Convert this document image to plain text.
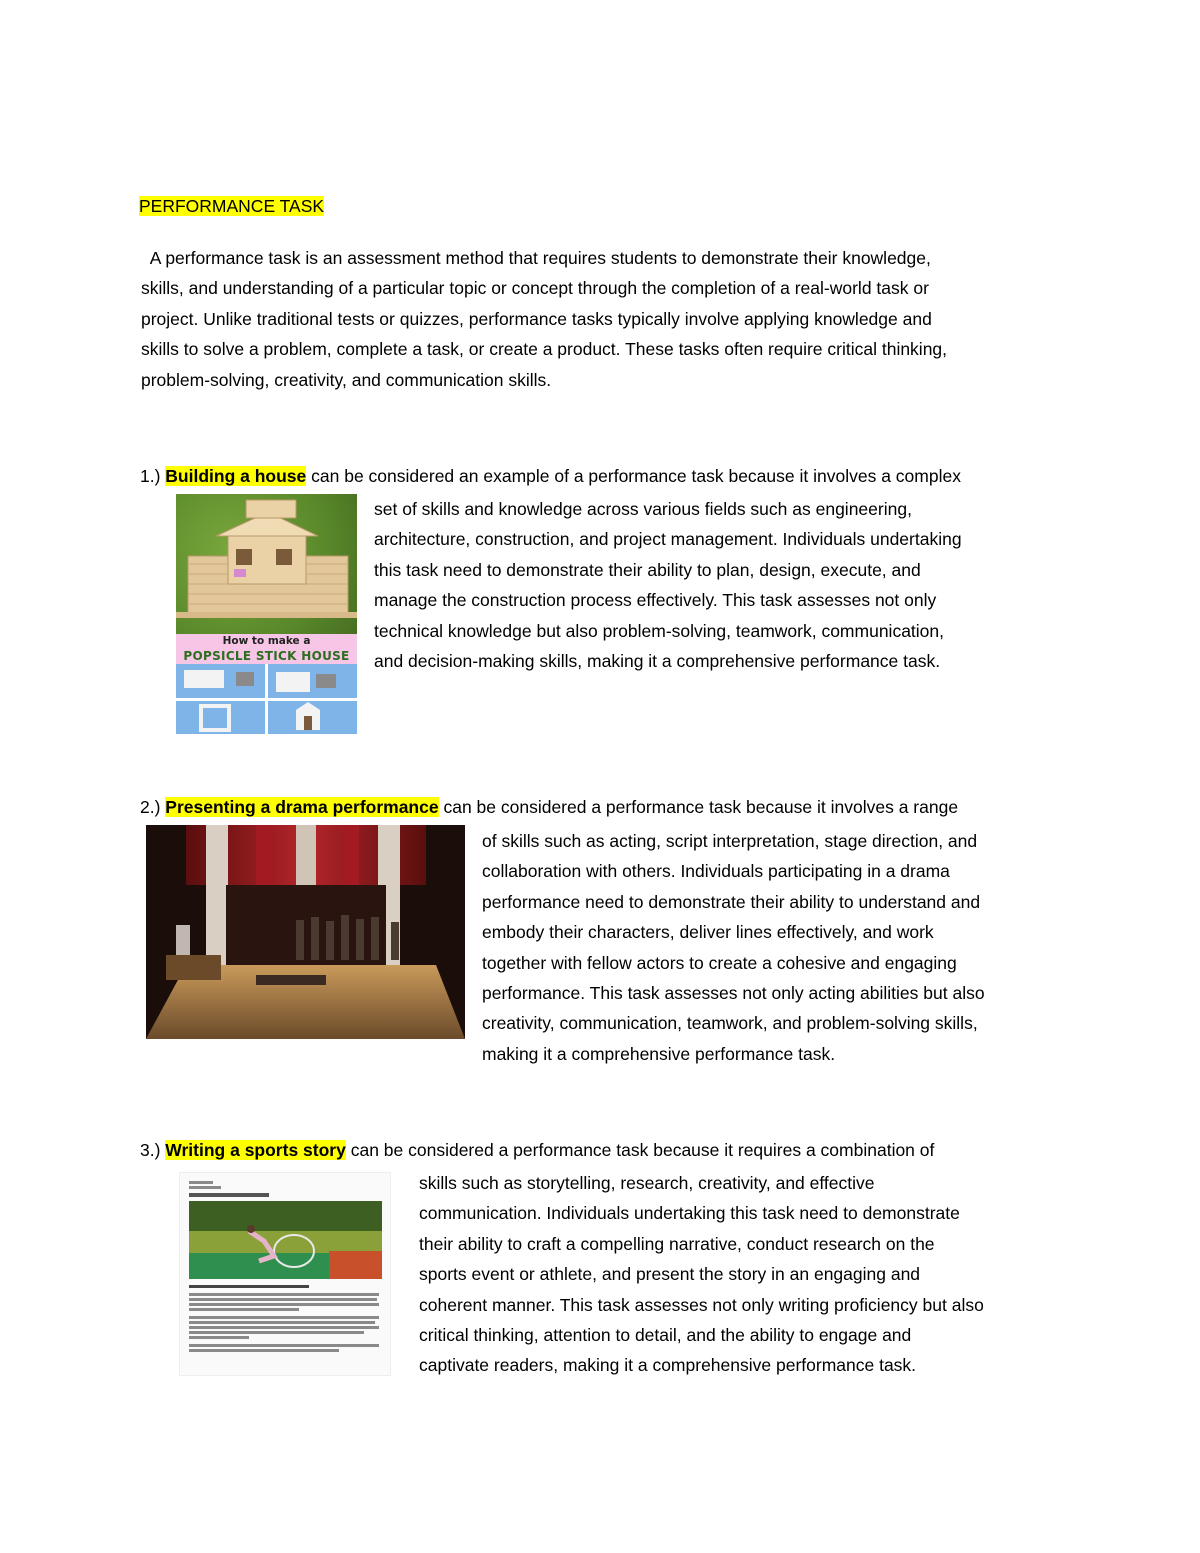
PERFORMANCE TASK
A performance task is an assessment method that requires students to demonstrate their knowledge,
skills, and understanding of a particular topic or concept through the completion of a real-world task or
project. Unlike traditional tests or quizzes, performance tasks typically involve applying knowledge and
skills to solve a problem, complete a task, or create a product. These tasks often require critical thinking,
problem-solving, creativity, and communication skills.
1.) Building a house can be considered an example of a performance task because it involves a complex
How to make a
POPSICLE STICK HOUSE
set of skills and knowledge across various fields such as engineering,
architecture, construction, and project management. Individuals undertaking
this task need to demonstrate their ability to plan, design, execute, and
manage the construction process effectively. This task assesses not only
technical knowledge but also problem-solving, teamwork, communication,
and decision-making skills, making it a comprehensive performance task.
2.) Presenting a drama performance can be considered a performance task because it involves a range
of skills such as acting, script interpretation, stage direction, and
collaboration with others. Individuals participating in a drama
performance need to demonstrate their ability to understand and
embody their characters, deliver lines effectively, and work
together with fellow actors to create a cohesive and engaging
performance. This task assesses not only acting abilities but also
creativity, communication, teamwork, and problem-solving skills,
making it a comprehensive performance task.
3.) Writing a sports story can be considered a performance task because it requires a combination of
skills such as storytelling, research, creativity, and effective
communication. Individuals undertaking this task need to demonstrate
their ability to craft a compelling narrative, conduct research on the
sports event or athlete, and present the story in an engaging and
coherent manner. This task assesses not only writing proficiency but also
critical thinking, attention to detail, and the ability to engage and
captivate readers, making it a comprehensive performance task.
